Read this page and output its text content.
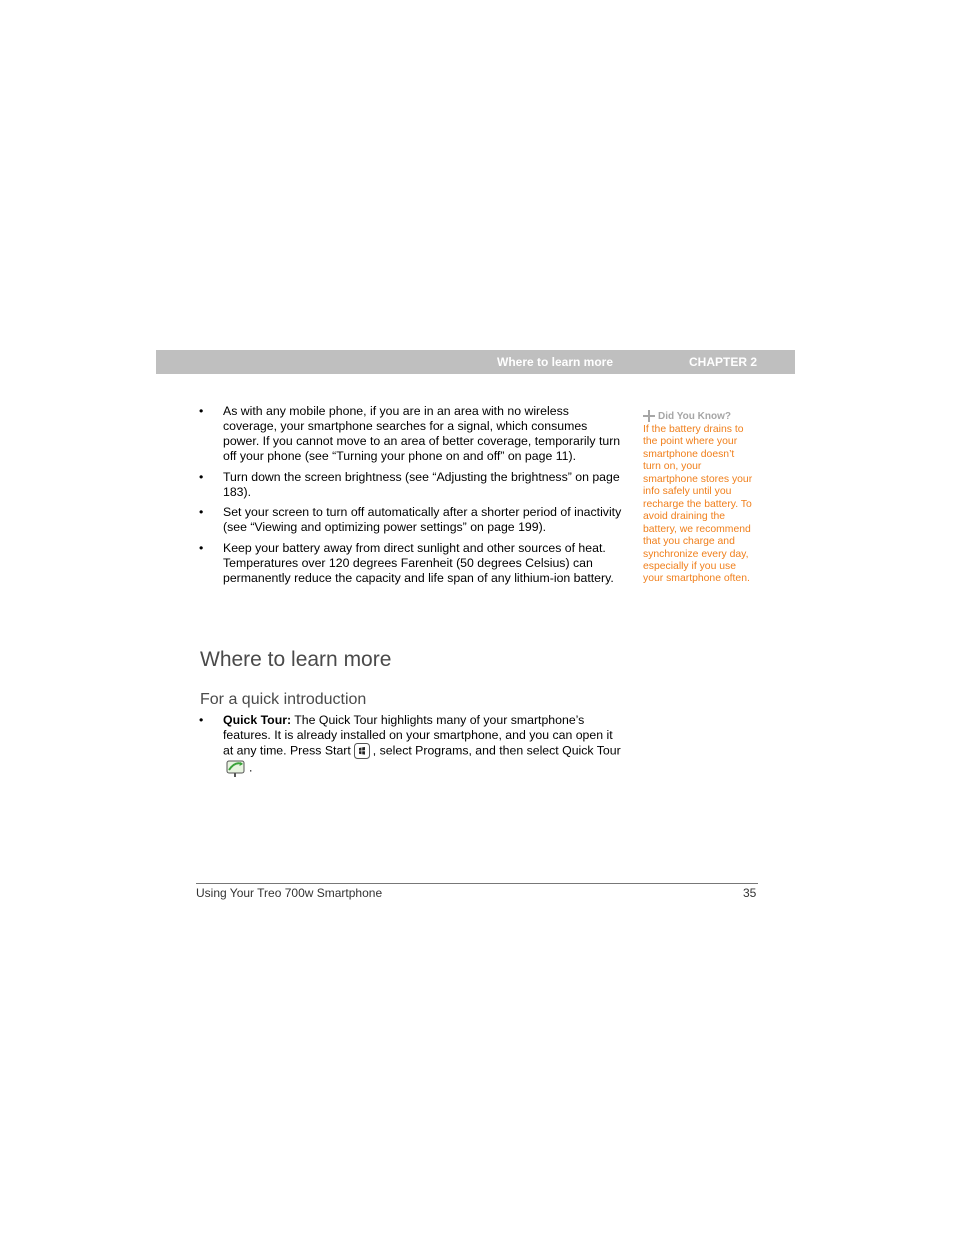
Where to learn more	CHAPTER 2
• As with any mobile phone, if you are in an area with no wireless coverage, your smartphone searches for a signal, which consumes power. If you cannot move to an area of better coverage, temporarily turn off your phone (see “Turning your phone on and off” on page 11).
• Turn down the screen brightness (see “Adjusting the brightness” on page 183).
• Set your screen to turn off automatically after a shorter period of inactivity (see “Viewing and optimizing power settings” on page 199).
• Keep your battery away from direct sunlight and other sources of heat. Temperatures over 120 degrees Farenheit (50 degrees Celsius) can permanently reduce the capacity and life span of any lithium-ion battery.
Where to learn more
For a quick introduction
• Quick Tour: The Quick Tour highlights many of your smartphone’s features. It is already installed on your smartphone, and you can open it at any time. Press Start , select Programs, and then select Quick Tour.
Did You Know?
If the battery drains to the point where your smartphone doesn’t turn on, your smartphone stores your info safely until you recharge the battery. To avoid draining the battery, we recommend that you charge and synchronize every day, especially if you use your smartphone often.
Using Your Treo 700w Smartphone	35
